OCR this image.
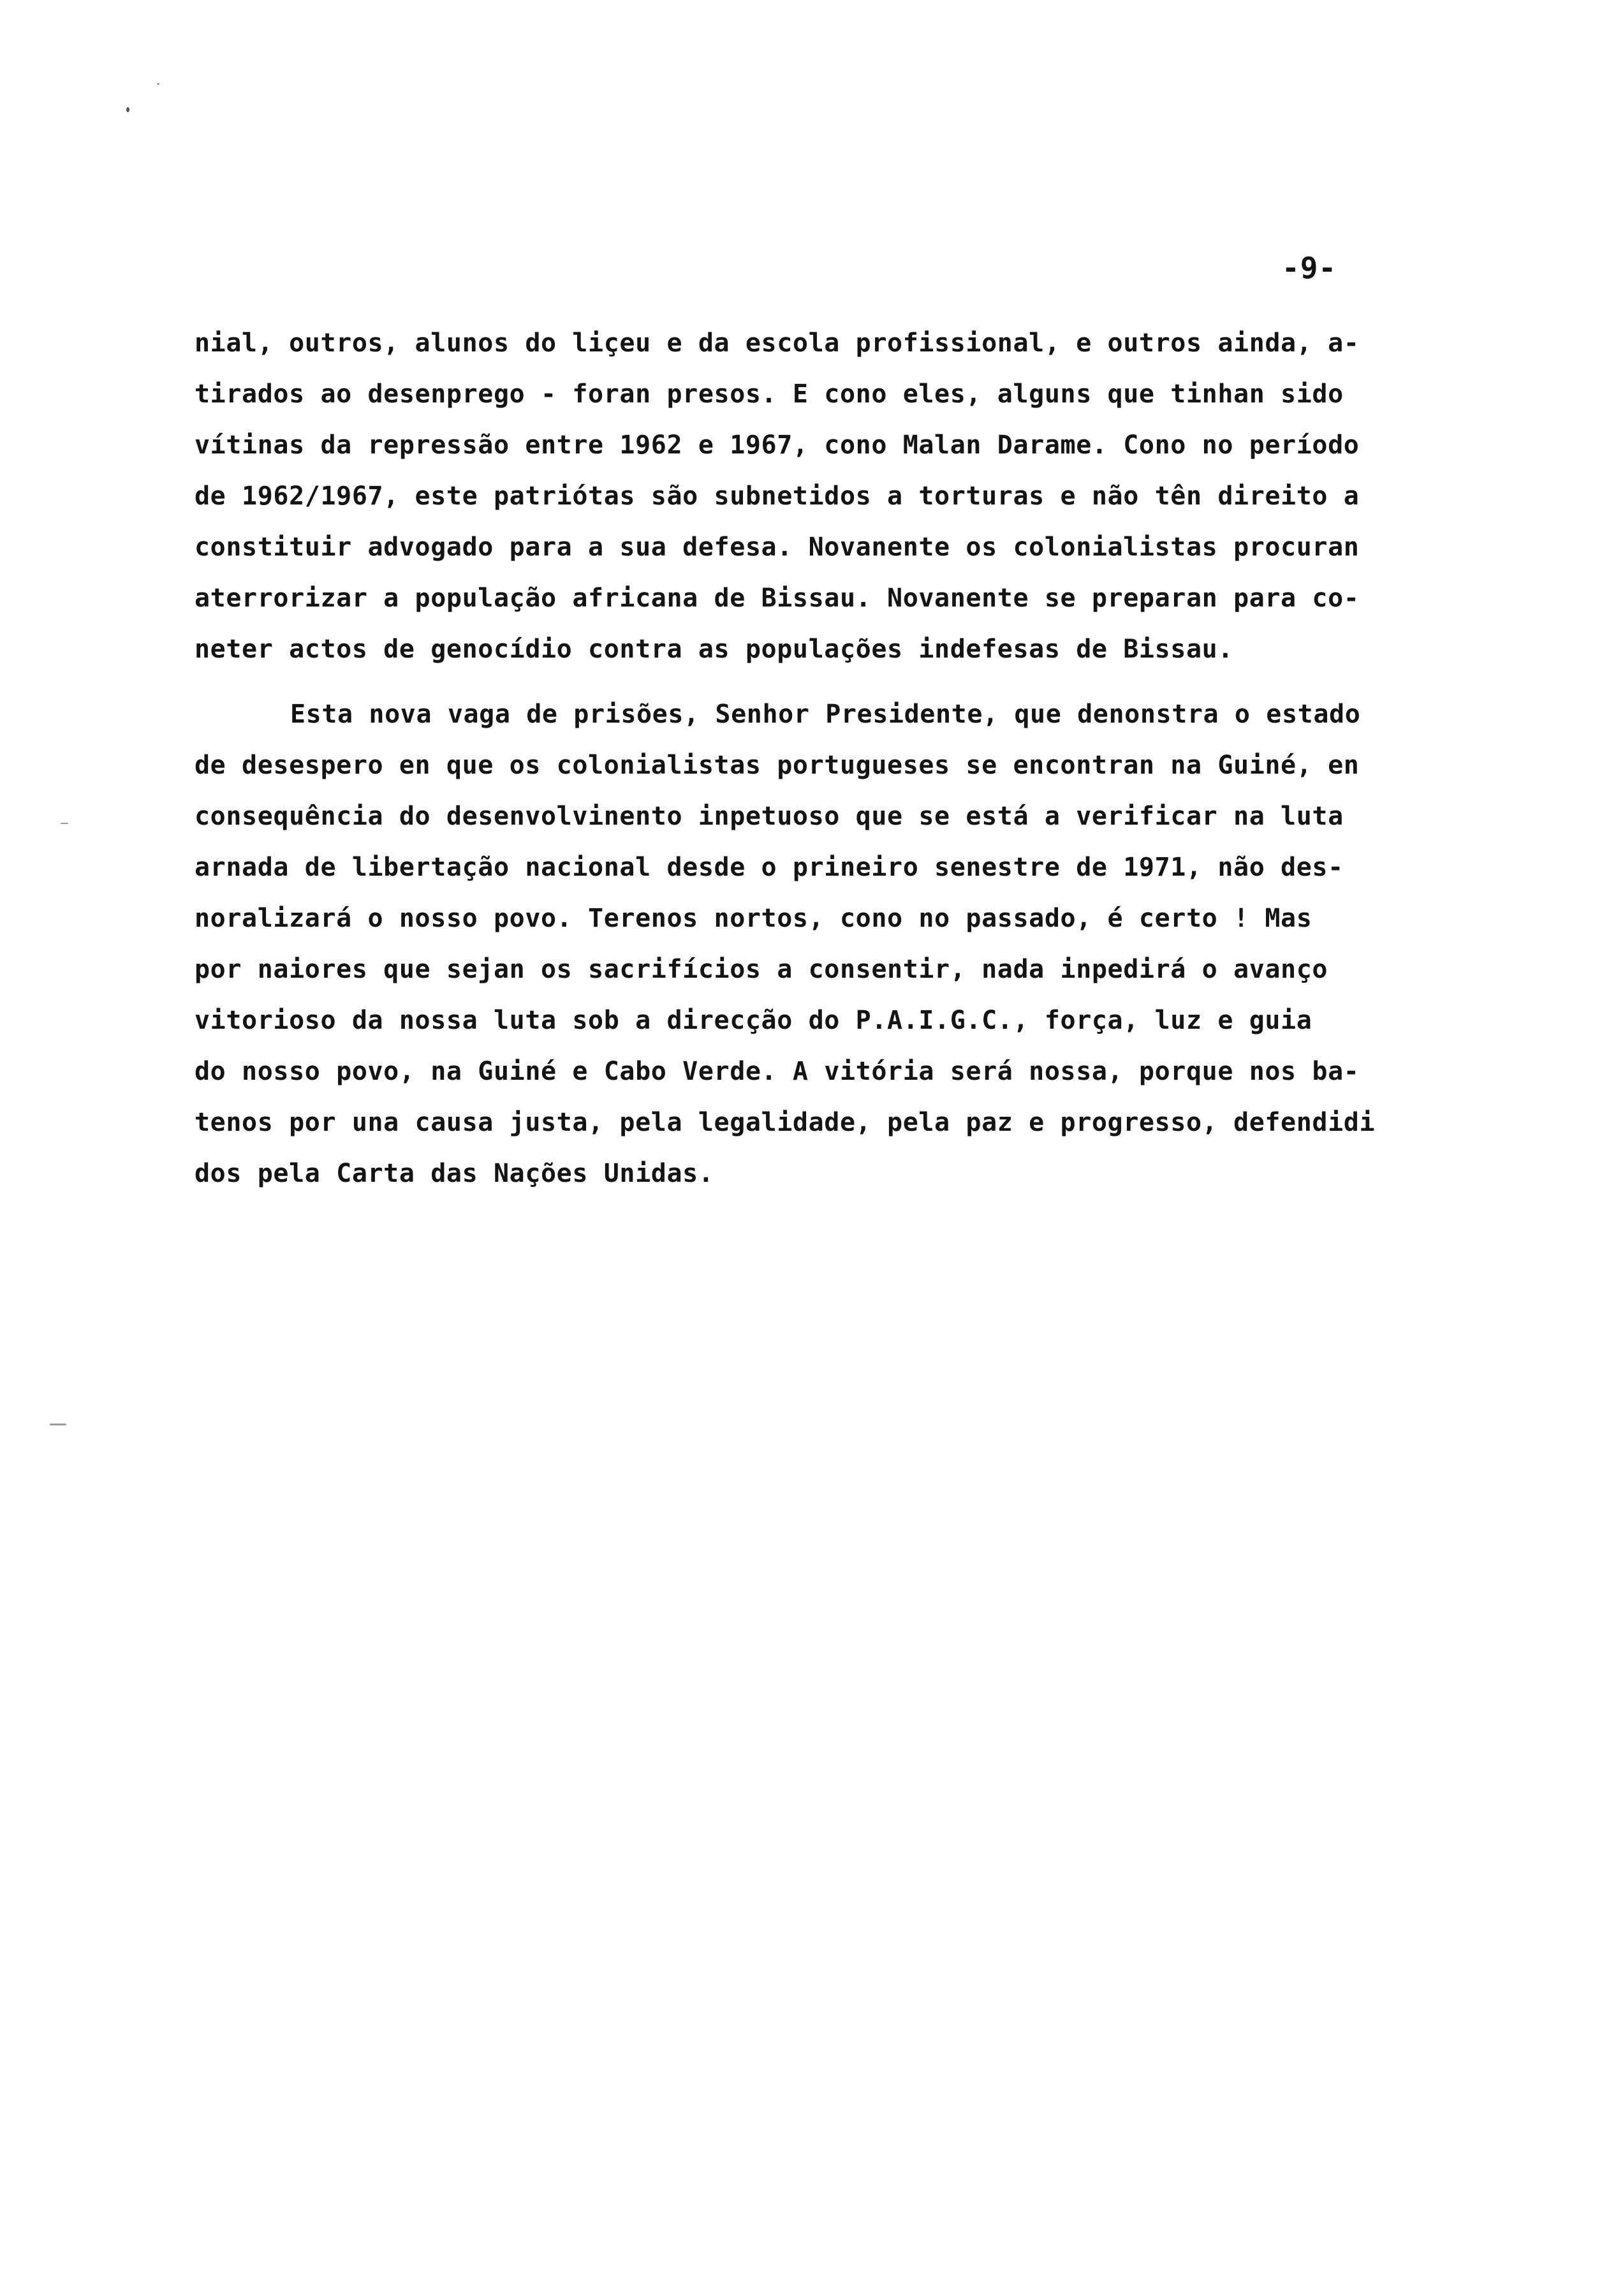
-9-
nial, outros, alunos do liçeu e da escola profissional, e outros ainda, a-
tirados ao desenprego - foran presos. E cono eles, alguns que tinhan sido
vítinas da repressão entre 1962 e 1967, cono Malan Darame. Cono no período
de 1962/1967, este patriótas são subnetidos a torturas e não tên direito a
constituir advogado para a sua defesa. Novanente os colonialistas procuran
aterrorizar a população africana de Bissau. Novanente se preparan para co-
neter actos de genocídio contra as populações indefesas de Bissau.
Esta nova vaga de prisões, Senhor Presidente, que denonstra o estado
de desespero en que os colonialistas portugueses se encontran na Guiné, en
consequência do desenvolvinento inpetuoso que se está a verificar na luta
arnada de libertação nacional desde o prineiro senestre de 1971, não des-
noralizará o nosso povo. Terenos nortos, cono no passado, é certo ! Mas
por naiores que sejan os sacrifícios a consentir, nada inpedirá o avanço
vitorioso da nossa luta sob a direcção do P.A.I.G.C., força, luz e guia
do nosso povo, na Guiné e Cabo Verde. A vitória será nossa, porque nos ba-
tenos por una causa justa, pela legalidade, pela paz e progresso, defendidi
dos pela Carta das Nações Unidas.
